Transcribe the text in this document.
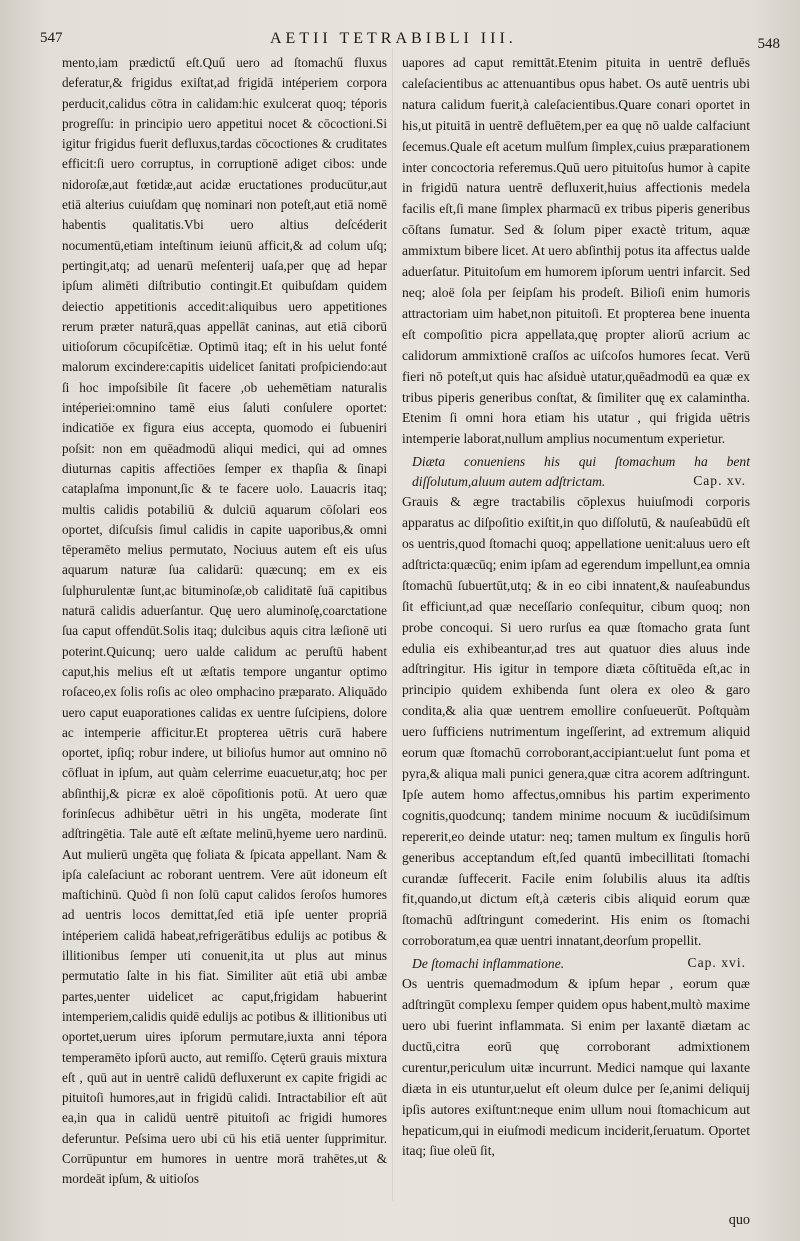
547	AETII TETRABIBLI III.	548

mento,iam prædictű eſt.Quű uero ad ſtomachű fluxus deferatur,& frigidus exiſtat,ad frigidā intéperiem corpora perducit,calidus cōtra in calidam:hic exulcerat quoq; téporis progreſſu: in principio uero appetitui nocet & cōcoctioni.Si igitur frigidus fuerit defluxus,tardas cōcoctiones & cruditates efficit:ſi uero corruptus, in corruptionē adiget cibos: unde nidoroſæ,aut fœtidæ,aut acidæ eructationes producūtur,aut etiā alterius cuiuſdam quę nominari non poteſt,aut etiā nomē habentis qualitatis.Vbi uero altius deſcéderit nocumentū,etiam inteſtinum ieiunū afficit,& ad colum uſq; pertingit,atq; ad uenarū meſenterij uaſa,per quę ad hepar ipſum alimēti diſtributio contingit.Et quibuſdam quidem deiectio appetitionis accedit:aliquibus uero appetitiones rerum præter naturā,quas appellāt caninas, aut etiā ciborū uitioſorum cōcupiſcētiæ. Optimū itaq; eſt in his uelut fonté malorum excindere:capitis uidelicet ſanitati proſpiciendo:aut ſi hoc impoſsibile ſit facere ,ob uehemētiam naturalis intéperiei:omnino tamē eius ſaluti conſulere oportet: indicatiōe ex figura eius accepta, quomodo ei ſubueniri poſsit: non em quēadmodū aliqui medici, qui ad omnes diuturnas capitis affectiōes ſemper ex thapſia & ſinapi cataplaſma imponunt,ſic & te facere uolo. Lauacris itaq; multis calidis potabiliū & dulciū aquarum cōſolari eos oportet, diſcuſsis ſimul calidis in capite uaporibus,& omni tēperamēto melius permutato, Nociuus autem eſt eis uſus aquarum naturæ ſua calidarū: quæcunq; em ex eis ſulphurulentæ ſunt,ac bituminoſæ,ob caliditatē ſuā capitibus naturā calidis aduerſantur. Quę uero aluminoſę,coarctatione ſua caput offendūt.Solis itaq; dulcibus aquis citra læſionē uti poterint.Quicunq; uero ualde calidum ac peruſtū habent caput,his melius eſt ut æſtatis tempore ungantur optimo roſaceo,ex ſolis roſis ac oleo omphacino præparato. Aliquādo uero caput euaporationes calidas ex uentre ſuſcipiens, dolore ac intemperie afficitur.Et propterea uētris curā habere oportet, ipſiq; robur indere, ut bilioſus humor aut omnino nō cōfluat in ipſum, aut quàm celerrime euacuetur,atq; hoc per abſinthij,& picræ ex aloë cōpoſitionis potū. At uero quæ forinſecus adhibētur uētri in his ungēta, moderate ſint adſtringētia. Tale autē eſt æſtate melinū,hyeme uero nardinū. Aut mulierū ungēta quę foliata & ſpicata appellant. Nam & ipſa caleſaciunt ac roborant uentrem. Vere aūt idoneum eſt maſtichinū. Quòd ſi non ſolū caput calidos ſeroſos humores ad uentris locos demittat,ſed etiā ipſe uenter propriā intéperiem calidā habeat,refrigerātibus edulijs ac potibus & illitionibus ſemper uti conuenit,ita ut plus aut minus permutatio ſalte in his fiat. Similiter aūt etiā ubi ambæ partes,uenter uidelicet ac caput,frigidam habuerint intemperiem,calidis quidē edulijs ac potibus & illitionibus uti oportet,uerum uires ipſorum permutare,iuxta anni tépora temperamēto ipſorū aucto, aut remiſſo. Cęterū grauis mixtura eſt , quū aut in uentrē calidū defluxerunt ex capite frigidi ac pituitoſi humores,aut in frigidū calidi. Intractabilior eſt aūt ea,in qua in calidū uentrē pituitoſi ac frigidi humores deferuntur. Peſsima uero ubi cū his etiā uenter ſupprimitur. Corrūpuntur em humores in uentre morā trahētes,ut & mordeāt ipſum, & uitioſos

uapores ad caput remittāt.Etenim pituita in uentrē defluēs caleſacientibus ac attenuantibus opus habet. Os autē uentris ubi natura calidum fuerit,à caleſacientibus.Quare conari oportet in his,ut pituitā in uentrē defluētem,per ea quę nō ualde calfaciunt ſecemus.Quale eſt acetum mulſum ſimplex,cuius præparationem inter concoctoria referemus.Quū uero pituitoſus humor à capite in frigidū natura uentrē defluxerit,huius affectionis medela facilis eſt,ſi mane ſimplex pharmacū ex tribus piperis generibus cōſtans ſumatur. Sed & ſolum piper exactè tritum, aquæ ammixtum bibere licet. At uero abſinthij potus ita affectus ualde aduerſatur. Pituitoſum em humorem ipſorum uentri infarcit. Sed neq; aloë ſola per ſeipſam his prodeſt. Bilioſi enim humoris attractoriam uim habet,non pituitoſi. Et propterea bene inuenta eſt compoſitio picra appellata,quę propter aliorū acrium ac calidorum ammixtionē craſſos ac uiſcoſos humores ſecat. Verū fieri nō poteſt,ut quis hac aſsiduè utatur,quēadmodū ea quæ ex tribus piperis generibus conſtat, & ſimiliter quę ex calamintha. Etenim ſi omni hora etiam his utatur , qui frigida uētris intemperie laborat,nullum amplius nocumentum experietur.

Diæta conueniens his qui ſtomachum ha bent diſſolutum,aluum autem adſtrictam.	Cap. xv.

Grauis & ægre tractabilis cōplexus huiuſmodi corporis apparatus ac diſpoſitio exiſtit,in quo diſſolutū, & nauſeabūdū eſt os uentris,quod ſtomachi quoq; appellatione uenit:aluus uero eſt adſtricta:quæcūq; enim ipſam ad egerendum impellunt,ea omnia ſtomachū ſubuertūt,utq; & in eo cibi innatent,& nauſeabundus ſit efficiunt,ad quæ neceſſario conſequitur, cibum quoq; non probe concoqui. Si uero rurſus ea quæ ſtomacho grata ſunt edulia eis exhibeantur,ad tres aut quatuor dies aluus inde adſtringitur. His igitur in tempore diæta cōſtituēda eſt,ac in principio quidem exhibenda ſunt olera ex oleo & garo condita,& alia quæ uentrem emollire conſueuerūt. Poſtquàm uero ſufficiens nutrimentum ingeſſerint, ad extremum aliquid eorum quæ ſtomachū corroborant,accipiant:uelut ſunt poma et pyra,& aliqua mali punici genera,quæ citra acorem adſtringunt. Ipſe autem homo affectus,omnibus his partim experimento cognitis,quodcunq; tandem minime nocuum & iucūdiſsimum repererit,eo deinde utatur: neq; tamen multum ex ſingulis horū generibus acceptandum eſt,ſed quantū imbecillitati ſtomachi curandæ ſuffecerit. Facile enim ſolubilis aluus ita adſtis fit,quando,ut dictum eſt,à cæteris cibis aliquid eorum quæ ſtomachū adſtringunt comederint. His enim os ſtomachi corroboratum,ea quæ uentri innatant,deorſum propellit.

De ſtomachi inflammatione.	Cap. xvi.

Os uentris quemadmodum & ipſum hepar , eorum quæ adſtringūt complexu ſemper quidem opus habent,multò maxime uero ubi fuerint inflammata. Si enim per laxantē diætam ac ductū,citra eorū quę corroborant admixtionem curentur,periculum uitæ incurrunt. Medici namque qui laxante diæta in eis utuntur,uelut eſt oleum dulce per ſe,animi deliquij ipſis autores exiſtunt:neque enim ullum noui ſtomachicum aut hepaticum,qui in eiuſmodi medicum inciderit,ſeruatum. Oportet itaq; ſiue oleū ſit,

quo
